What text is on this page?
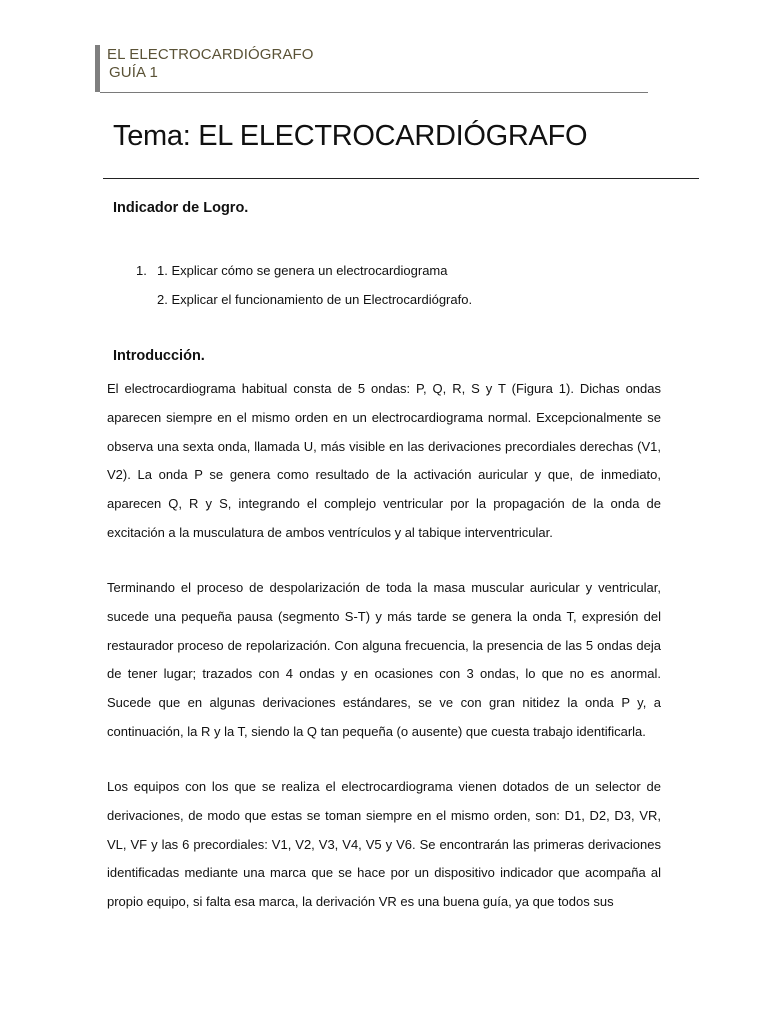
EL ELECTROCARDIÓGRAFO
GUÍA 1
Tema: EL ELECTROCARDIÓGRAFO
Indicador de Logro.
1. 1. Explicar cómo se genera un electrocardiograma
2. Explicar el funcionamiento de un Electrocardiógrafo.
Introducción.

El electrocardiograma habitual consta de 5 ondas: P, Q, R, S y T (Figura 1). Dichas ondas aparecen siempre en el mismo orden en un electrocardiograma normal. Excepcionalmente se observa una sexta onda, llamada U, más visible en las derivaciones precordiales derechas (V1, V2). La onda P se genera como resultado de la activación auricular y que, de inmediato, aparecen Q, R y S, integrando el complejo ventricular por la propagación de la onda de excitación a la musculatura de ambos ventrículos y al tabique interventricular.

Terminando el proceso de despolarización de toda la masa muscular auricular y ventricular, sucede una pequeña pausa (segmento S-T) y más tarde se genera la onda T, expresión del restaurador proceso de repolarización. Con alguna frecuencia, la presencia de las 5 ondas deja de tener lugar; trazados con 4 ondas y en ocasiones con 3 ondas, lo que no es anormal. Sucede que en algunas derivaciones estándares, se ve con gran nitidez la onda P y, a continuación, la R y la T, siendo la Q tan pequeña (o ausente) que cuesta trabajo identificarla.

Los equipos con los que se realiza el electrocardiograma vienen dotados de un selector de derivaciones, de modo que estas se toman siempre en el mismo orden, son: D1, D2, D3, VR, VL, VF y las 6 precordiales: V1, V2, V3, V4, V5 y V6. Se encontrarán las primeras derivaciones identificadas mediante una marca que se hace por un dispositivo indicador que acompaña al propio equipo, si falta esa marca, la derivación VR es una buena guía, ya que todos sus
